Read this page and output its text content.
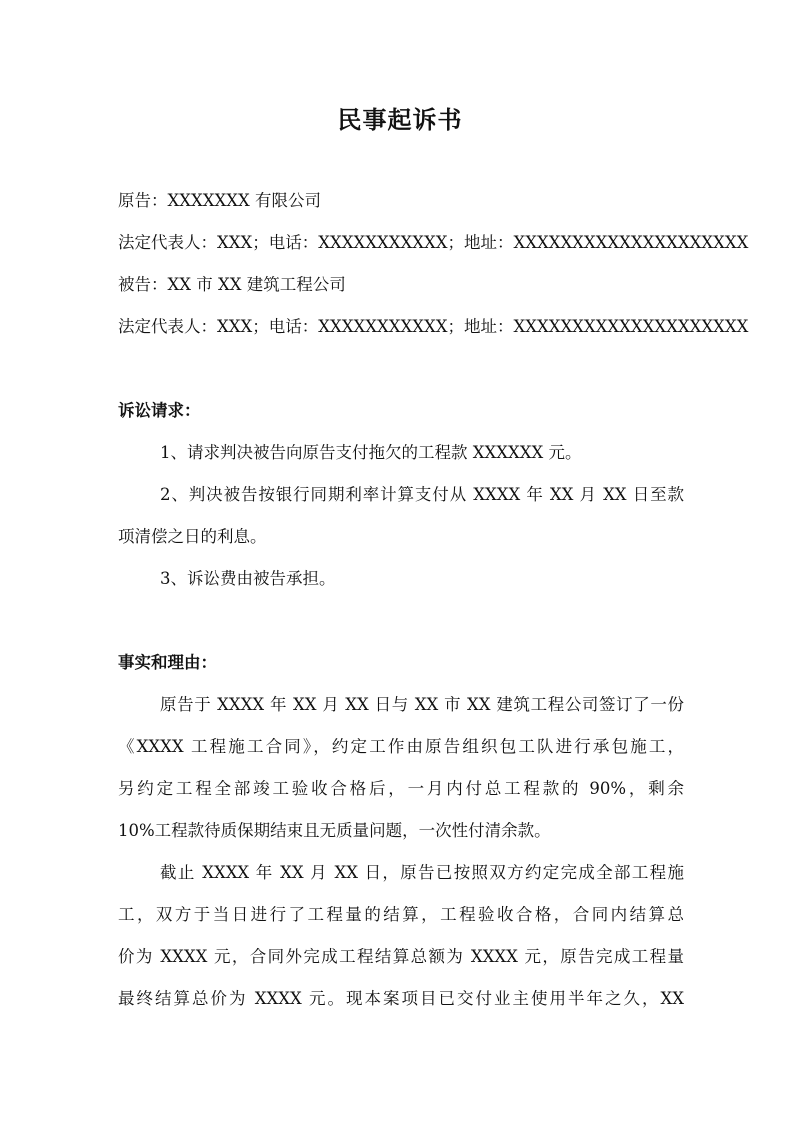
民事起诉书
原告：XXXXXXX 有限公司
法定代表人：XXX；电话：XXXXXXXXXXX；地址：XXXXXXXXXXXXXXXXXXXX
被告：XX 市 XX 建筑工程公司
法定代表人：XXX；电话：XXXXXXXXXXX；地址：XXXXXXXXXXXXXXXXXXXX
诉讼请求：
1、请求判决被告向原告支付拖欠的工程款 XXXXXX 元。
2、判决被告按银行同期利率计算支付从 XXXX 年 XX 月 XX 日至款
项清偿之日的利息。
3、诉讼费由被告承担。
事实和理由：
原告于 XXXX 年 XX 月 XX 日与 XX 市 XX 建筑工程公司签订了一份
《XXXX 工程施工合同》，约定工作由原告组织包工队进行承包施工，
另约定工程全部竣工验收合格后，一月内付总工程款的 90%，剩余
10%工程款待质保期结束且无质量问题，一次性付清余款。
截止 XXXX 年 XX 月 XX 日，原告已按照双方约定完成全部工程施
工，双方于当日进行了工程量的结算，工程验收合格，合同内结算总
价为 XXXX 元，合同外完成工程结算总额为 XXXX 元，原告完成工程量
最终结算总价为 XXXX 元。现本案项目已交付业主使用半年之久，XX
